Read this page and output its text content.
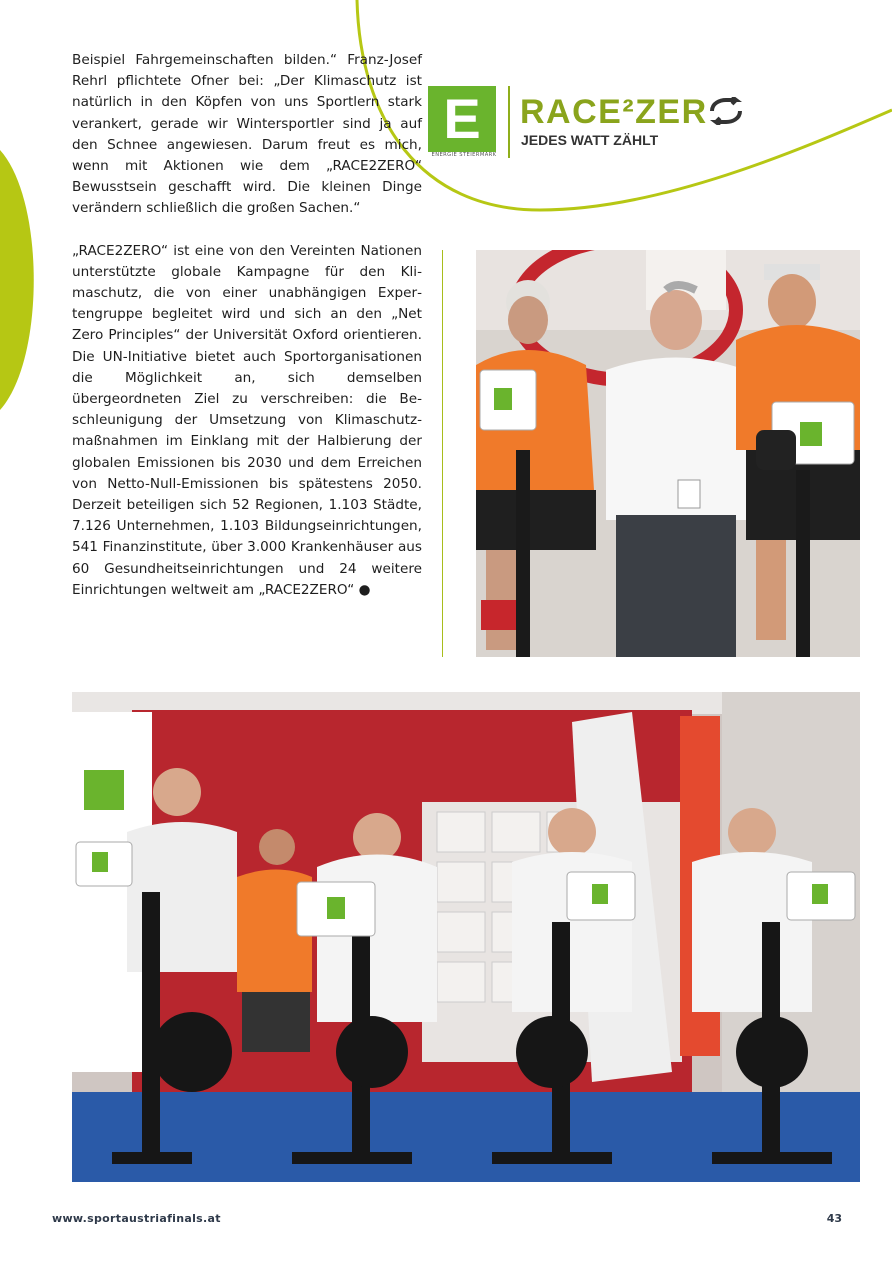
Beispiel Fahrgemeinschaften bilden.“ Franz-Josef Rehrl pflichtete Ofner bei: „Der Klimaschutz ist natürlich in den Köpfen von uns Sportlern stark verankert, gerade wir Wintersportler sind ja auf den Schnee angewiesen. Darum freut es mich, wenn mit Aktionen wie dem „RACE2ZERO“ Bewusstsein geschafft wird. Die kleinen Dinge verändern schließlich die großen Sachen.“

„RACE2ZERO“ ist eine von den Vereinten Nationen unterstützte globale Kampagne für den Klimaschutz, die von einer unabhängigen Expertengruppe begleitet wird und sich an den „Net Zero Principles“ der Universität Oxford orientieren. Die UN-Initiative bietet auch Sportorganisationen die Möglichkeit an, sich demselben übergeordneten Ziel zu verschreiben: die Beschleunigung der Umsetzung von Klimaschutzmaßnahmen im Einklang mit der Halbierung der globalen Emissionen bis 2030 und dem Erreichen von Netto-Null-Emissionen bis spätestens 2050. Derzeit beteiligen sich 52 Regionen, 1.103 Städte, 7.126 Unternehmen, 1.103 Bildungseinrichtungen, 541 Finanzinstitute, über 3.000 Krankenhäuser aus 60 Gesundheitseinrichtungen und 24 weitere Einrichtungen weltweit am „RACE2ZERO“ ●

E
ENERGIE STEIERMARK
RACE²ZER
JEDES WATT ZÄHLT
www.sportaustriafinals.at	43
